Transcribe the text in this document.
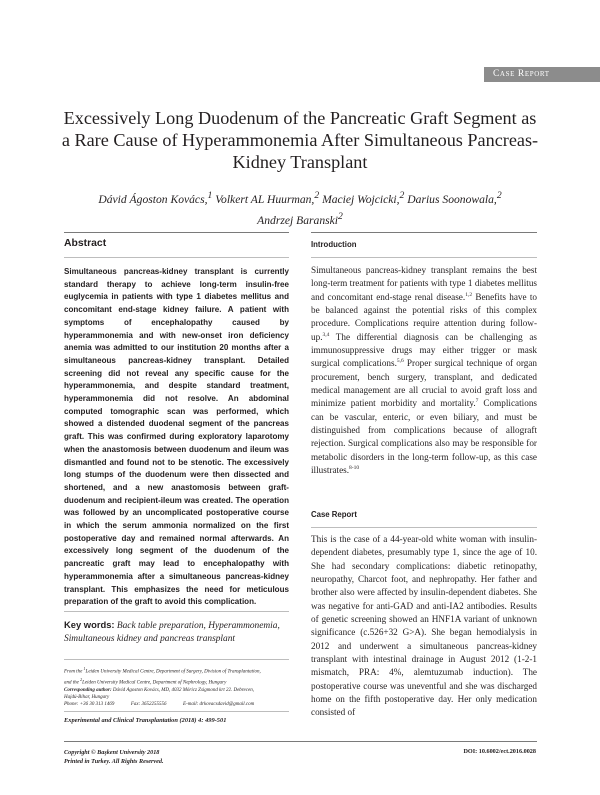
Case Report
Excessively Long Duodenum of the Pancreatic Graft Segment as a Rare Cause of Hyperammonemia After Simultaneous Pancreas-Kidney Transplant
Dávid Ágoston Kovács,$^1$ Volkert AL Huurman,$^2$ Maciej Wojcicki,$^2$ Darius Soonowala,$^2$
Andrzej Baranski$^2$
Abstract

Simultaneous pancreas-kidney transplant is currently standard therapy to achieve long-term insulin-free euglycemia in patients with type 1 diabetes mellitus and concomitant end-stage kidney failure. A patient with symptoms of encephalopathy caused by hyperammonemia and with new-onset iron deficiency anemia was admitted to our institution 20 months after a simultaneous pancreas-kidney transplant. Detailed screening did not reveal any specific cause for the hyperammonemia, and despite standard treatment, hyperammonemia did not resolve. An abdominal computed tomographic scan was performed, which showed a distended duodenal segment of the pancreas graft. This was confirmed during exploratory laparotomy when the anastomosis between duodenum and ileum was dismantled and found not to be stenotic. The excessively long stumps of the duodenum were then dissected and shortened, and a new anastomosis between graft-duodenum and recipient-ileum was created. The operation was followed by an uncomplicated postoperative course in which the serum ammonia normalized on the first postoperative day and remained normal afterwards. An excessively long segment of the duodenum of the pancreatic graft may lead to encephalopathy with hyperammonemia after a simultaneous pancreas-kidney transplant. This emphasizes the need for meticulous preparation of the graft to avoid this complication.

Key words: Back table preparation, Hyperammonemia, Simultaneous kidney and pancreas transplant

From the $^1$Leiden University Medical Centre, Department of Surgery, Division of Transplantation,
and the $^2$Leiden University Medical Centre, Department of Nephrology, Hungary
Corresponding author: Dávid Ágoston Kovács, MD, 4032 Móricz Zsigmond krt 22. Debrecen,
Hajdú-Bihar, Hungary
Phone: +36 30 313 1469	Fax: 3652255556	E-mail: drkovacsdavid@gmail.com
Experimental and Clinical Transplantation (2018) 4: 499-501
Copyright © Başkent University 2018
Printed in Turkey. All Rights Reserved.
DOI: 10.6002/ect.2016.0028
Introduction

Simultaneous pancreas-kidney transplant remains the best long-term treatment for patients with type 1 diabetes mellitus and concomitant end-stage renal disease.$^{1,2}$ Benefits have to be balanced against the potential risks of this complex procedure. Complications require attention during follow-up.$^{3,4}$ The differential diagnosis can be challenging as immunosuppressive drugs may either trigger or mask surgical complications.$^{5,6}$ Proper surgical technique of organ procurement, bench surgery, transplant, and dedicated medical management are all crucial to avoid graft loss and minimize patient morbidity and mortality.$^7$ Complications can be vascular, enteric, or even biliary, and must be distinguished from complications because of allograft rejection. Surgical complications also may be responsible for metabolic disorders in the long-term follow-up, as this case illustrates.$^{8-10}$

Case Report

This is the case of a 44-year-old white woman with insulin-dependent diabetes, presumably type 1, since the age of 10. She had secondary complications: diabetic retinopathy, neuropathy, Charcot foot, and nephropathy. Her father and brother also were affected by insulin-dependent diabetes. She was negative for anti-GAD and anti-IA2 antibodies. Results of genetic screening showed an HNF1A variant of unknown significance (c.526+32 G>A). She began hemodialysis in 2012 and underwent a simultaneous pancreas-kidney transplant with intestinal drainage in August 2012 (1-2-1 mismatch, PRA: 4%, alemtuzumab induction). The postoperative course was uneventful and she was discharged home on the fifth postoperative day. Her only medication consisted of
